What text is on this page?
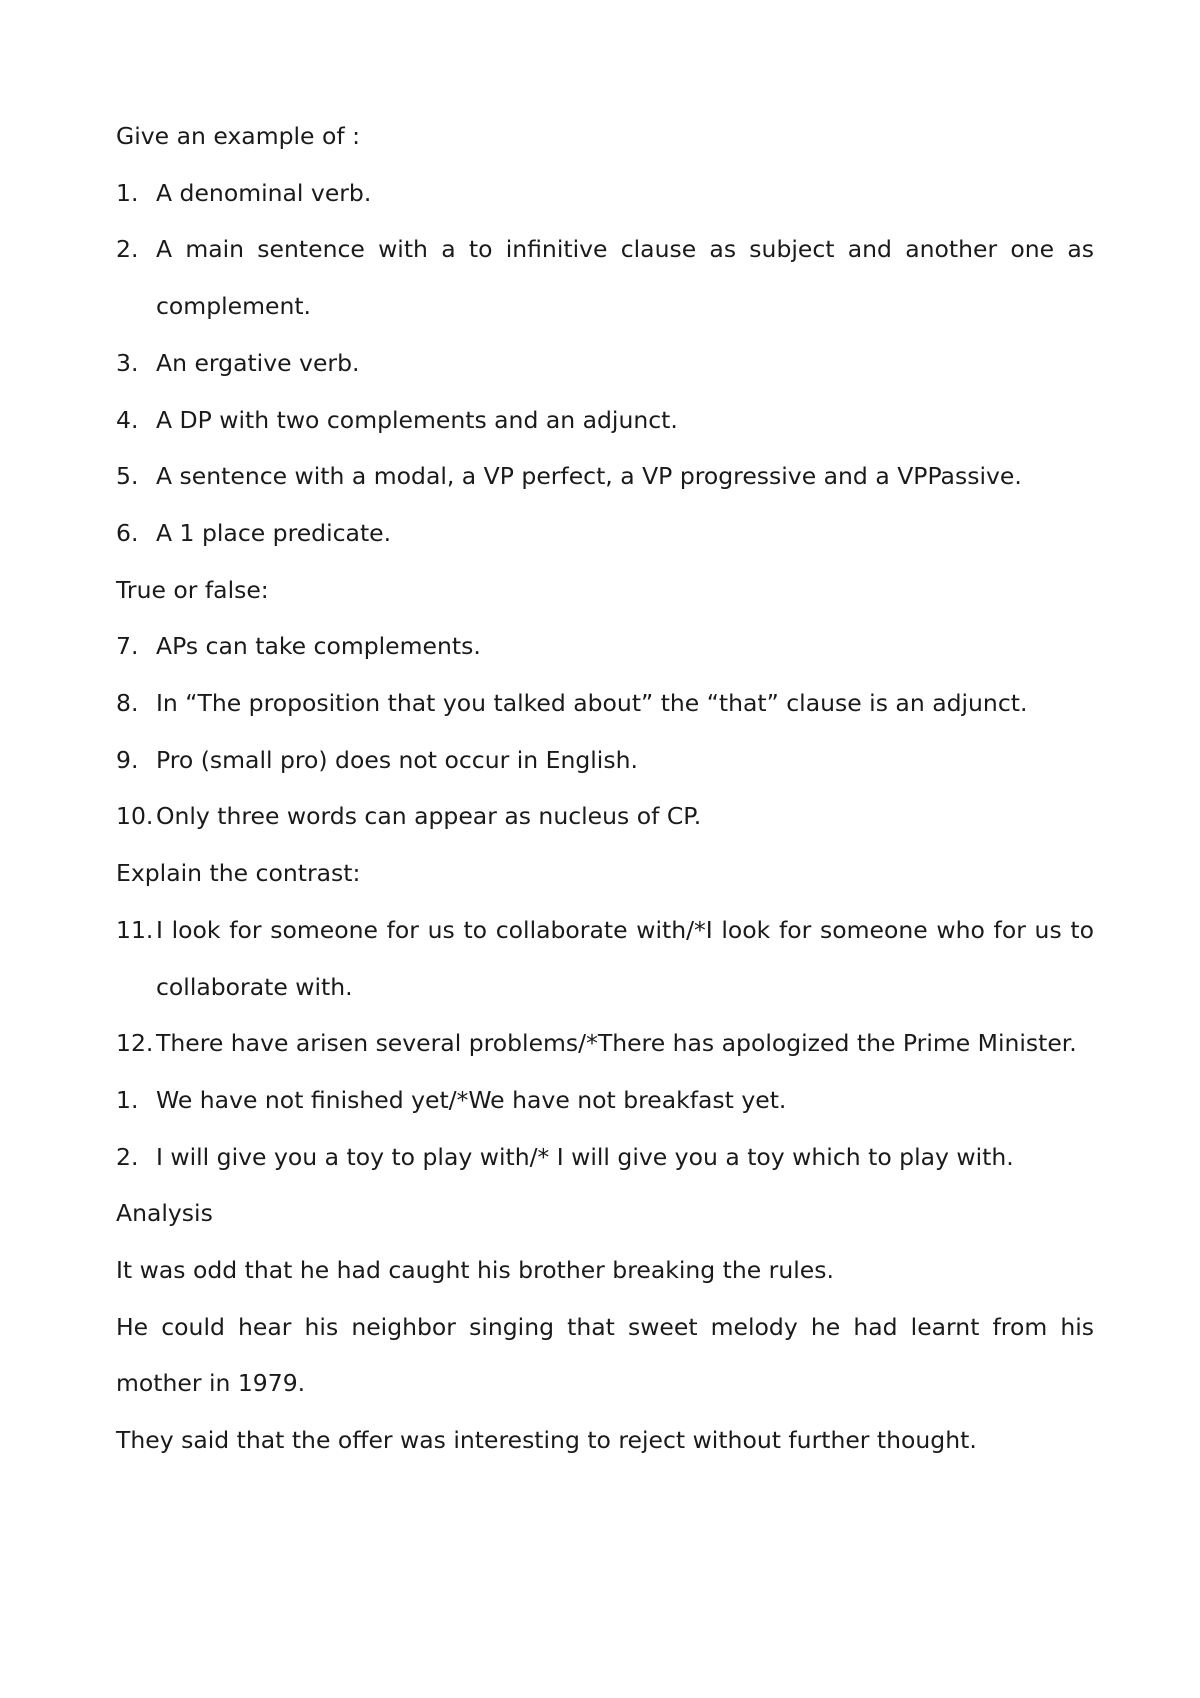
Give an example of :

1. A denominal verb.
2. A main sentence with a to infinitive clause as subject and another one as complement.
3. An ergative verb.
4. A DP with two complements and an adjunct.
5. A sentence with a modal, a VP perfect, a VP progressive and a VPPassive.
6. A 1 place predicate.

True or false:

7. APs can take complements.
8. In “The proposition that you talked about” the “that” clause is an adjunct.
9. Pro (small pro) does not occur in English.
10. Only three words can appear as nucleus of CP.

Explain the contrast:

11. I look for someone for us to collaborate with/*I look for someone who for us to collaborate with.
12. There have arisen several problems/*There has apologized the Prime Minister.
1. We have not finished yet/*We have not breakfast yet.
2. I will give you a toy to play with/* I will give you a toy which to play with.

Analysis

It was odd that he had caught his brother breaking the rules.

He could hear his neighbor singing that sweet melody he had learnt from his mother in 1979.

They said that the offer was interesting to reject without further thought.
